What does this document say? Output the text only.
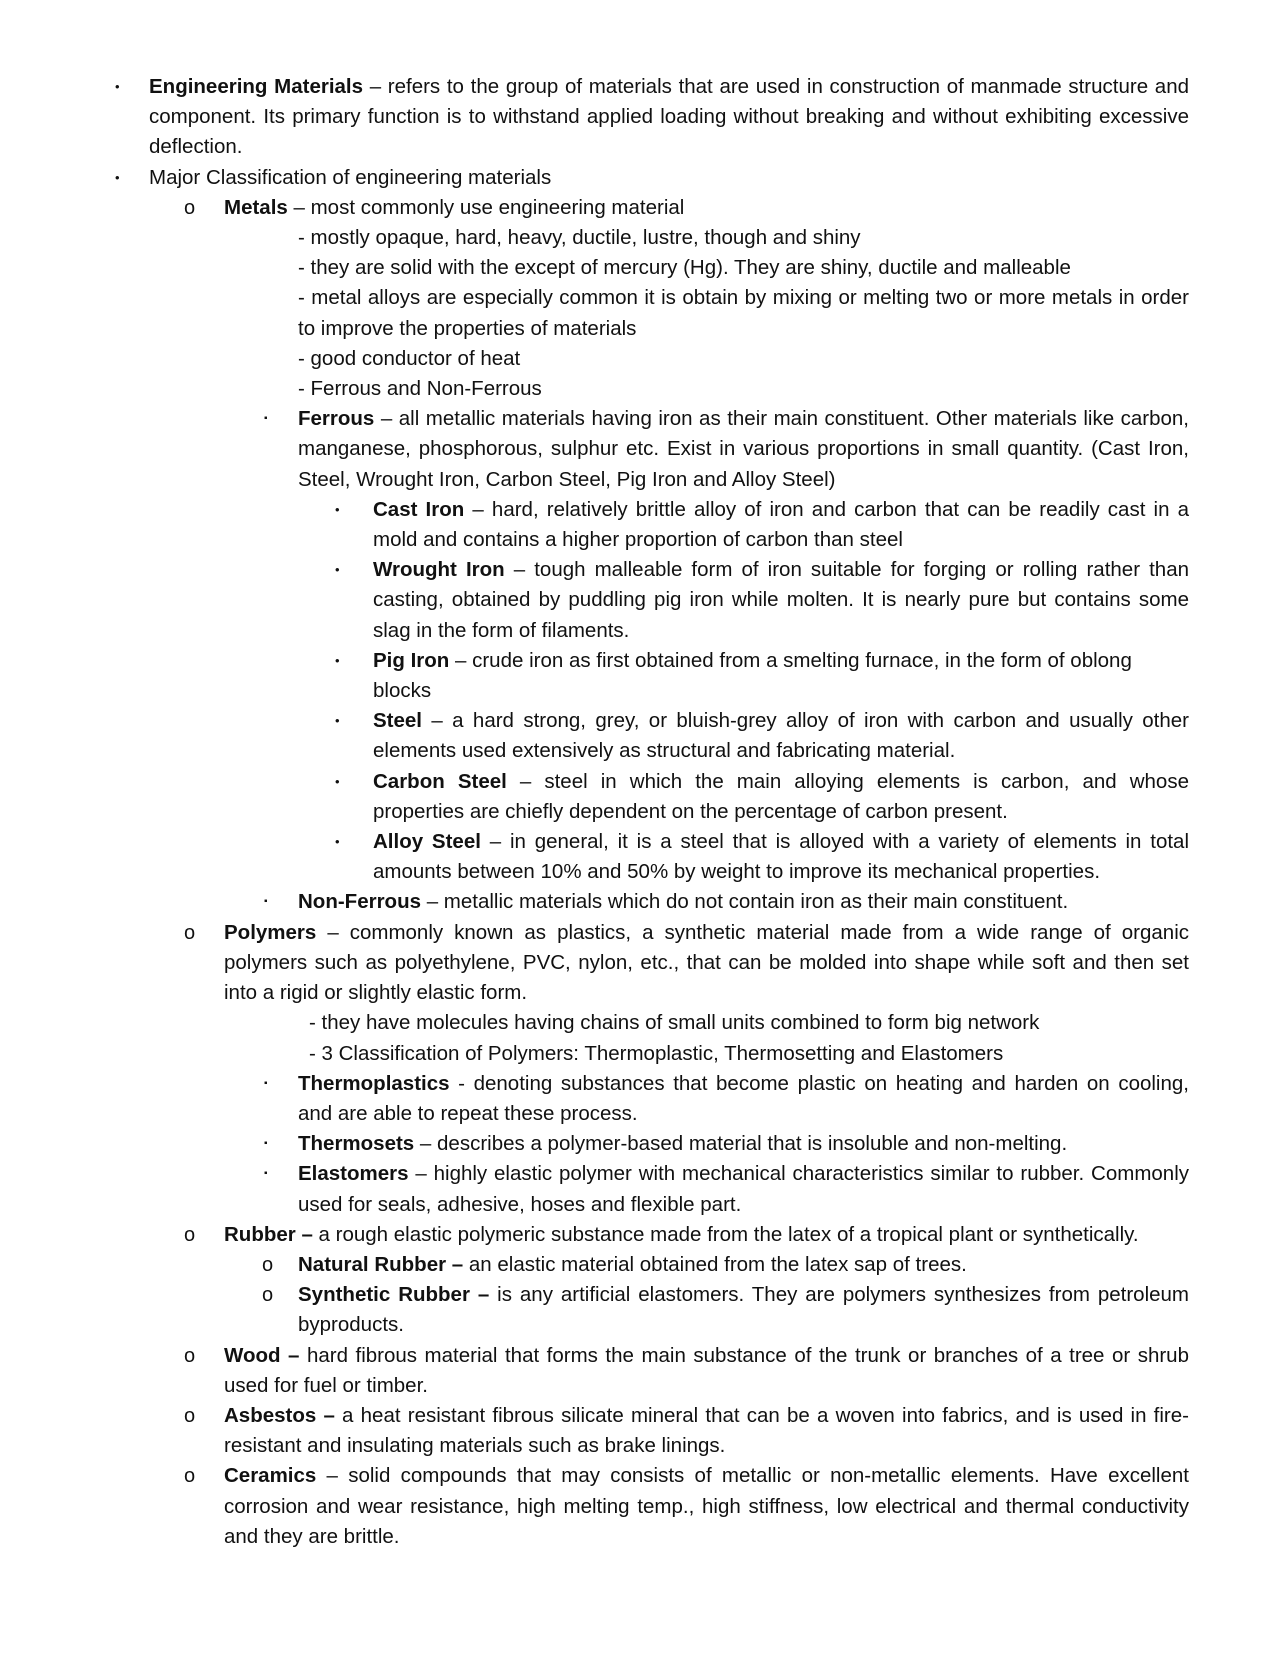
• Engineering Materials – refers to the group of materials that are used in construction of manmade structure and component. Its primary function is to withstand applied loading without breaking and without exhibiting excessive deflection.
• Major Classification of engineering materials
o Metals – most commonly use engineering material
- mostly opaque, hard, heavy, ductile, lustre, though and shiny
- they are solid with the except of mercury (Hg). They are shiny, ductile and malleable
- metal alloys are especially common it is obtain by mixing or melting two or more metals in order to improve the properties of materials
- good conductor of heat
- Ferrous and Non-Ferrous
▪ Ferrous – all metallic materials having iron as their main constituent. Other materials like carbon, manganese, phosphorous, sulphur etc. Exist in various proportions in small quantity. (Cast Iron, Steel, Wrought Iron, Carbon Steel, Pig Iron and Alloy Steel)
• Cast Iron – hard, relatively brittle alloy of iron and carbon that can be readily cast in a mold and contains a higher proportion of carbon than steel
• Wrought Iron – tough malleable form of iron suitable for forging or rolling rather than casting, obtained by puddling pig iron while molten. It is nearly pure but contains some slag in the form of filaments.
• Pig Iron – crude iron as first obtained from a smelting furnace, in the form of oblong blocks
• Steel – a hard strong, grey, or bluish-grey alloy of iron with carbon and usually other elements used extensively as structural and fabricating material.
• Carbon Steel – steel in which the main alloying elements is carbon, and whose properties are chiefly dependent on the percentage of carbon present.
• Alloy Steel – in general, it is a steel that is alloyed with a variety of elements in total amounts between 10% and 50% by weight to improve its mechanical properties.
▪ Non-Ferrous – metallic materials which do not contain iron as their main constituent.
o Polymers – commonly known as plastics, a synthetic material made from a wide range of organic polymers such as polyethylene, PVC, nylon, etc., that can be molded into shape while soft and then set into a rigid or slightly elastic form.
- they have molecules having chains of small units combined to form big network
- 3 Classification of Polymers: Thermoplastic, Thermosetting and Elastomers
▪ Thermoplastics - denoting substances that become plastic on heating and harden on cooling, and are able to repeat these process.
▪ Thermosets – describes a polymer-based material that is insoluble and non-melting.
▪ Elastomers – highly elastic polymer with mechanical characteristics similar to rubber. Commonly used for seals, adhesive, hoses and flexible part.
o Rubber – a rough elastic polymeric substance made from the latex of a tropical plant or synthetically.
o Natural Rubber – an elastic material obtained from the latex sap of trees.
o Synthetic Rubber – is any artificial elastomers. They are polymers synthesizes from petroleum byproducts.
o Wood – hard fibrous material that forms the main substance of the trunk or branches of a tree or shrub used for fuel or timber.
o Asbestos – a heat resistant fibrous silicate mineral that can be a woven into fabrics, and is used in fire-resistant and insulating materials such as brake linings.
o Ceramics – solid compounds that may consists of metallic or non-metallic elements. Have excellent corrosion and wear resistance, high melting temp., high stiffness, low electrical and thermal conductivity and they are brittle.
